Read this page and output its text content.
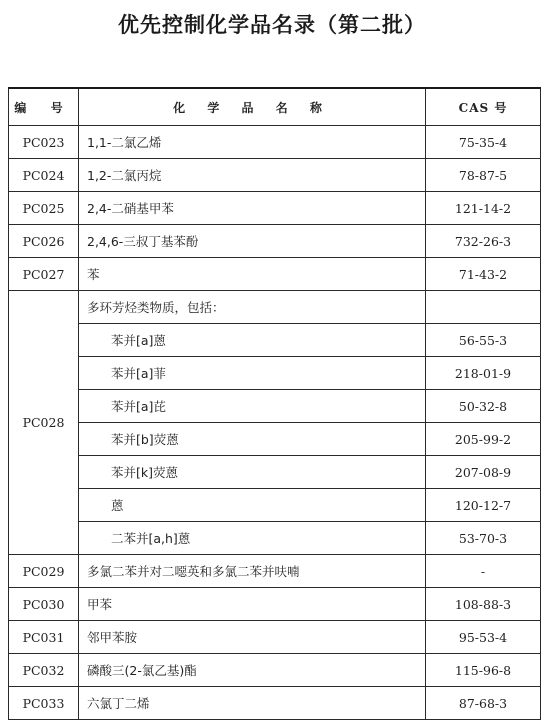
优先控制化学品名录（第二批）
编 号	化 学 品 名 称	CAS 号
PC023	1,1-二氯乙烯	75-35-4
PC024	1,2-二氯丙烷	78-87-5
PC025	2,4-二硝基甲苯	121-14-2
PC026	2,4,6-三叔丁基苯酚	732-26-3
PC027	苯	71-43-2
PC028	多环芳烃类物质，包括：	
	苯并[a]蒽	56-55-3
	苯并[a]菲	218-01-9
	苯并[a]芘	50-32-8
	苯并[b]荧蒽	205-99-2
	苯并[k]荧蒽	207-08-9
	蒽	120-12-7
	二苯并[a,h]蒽	53-70-3
PC029	多氯二苯并对二噁英和多氯二苯并呋喃	-
PC030	甲苯	108-88-3
PC031	邻甲苯胺	95-53-4
PC032	磷酸三(2-氯乙基)酯	115-96-8
PC033	六氯丁二烯	87-68-3
